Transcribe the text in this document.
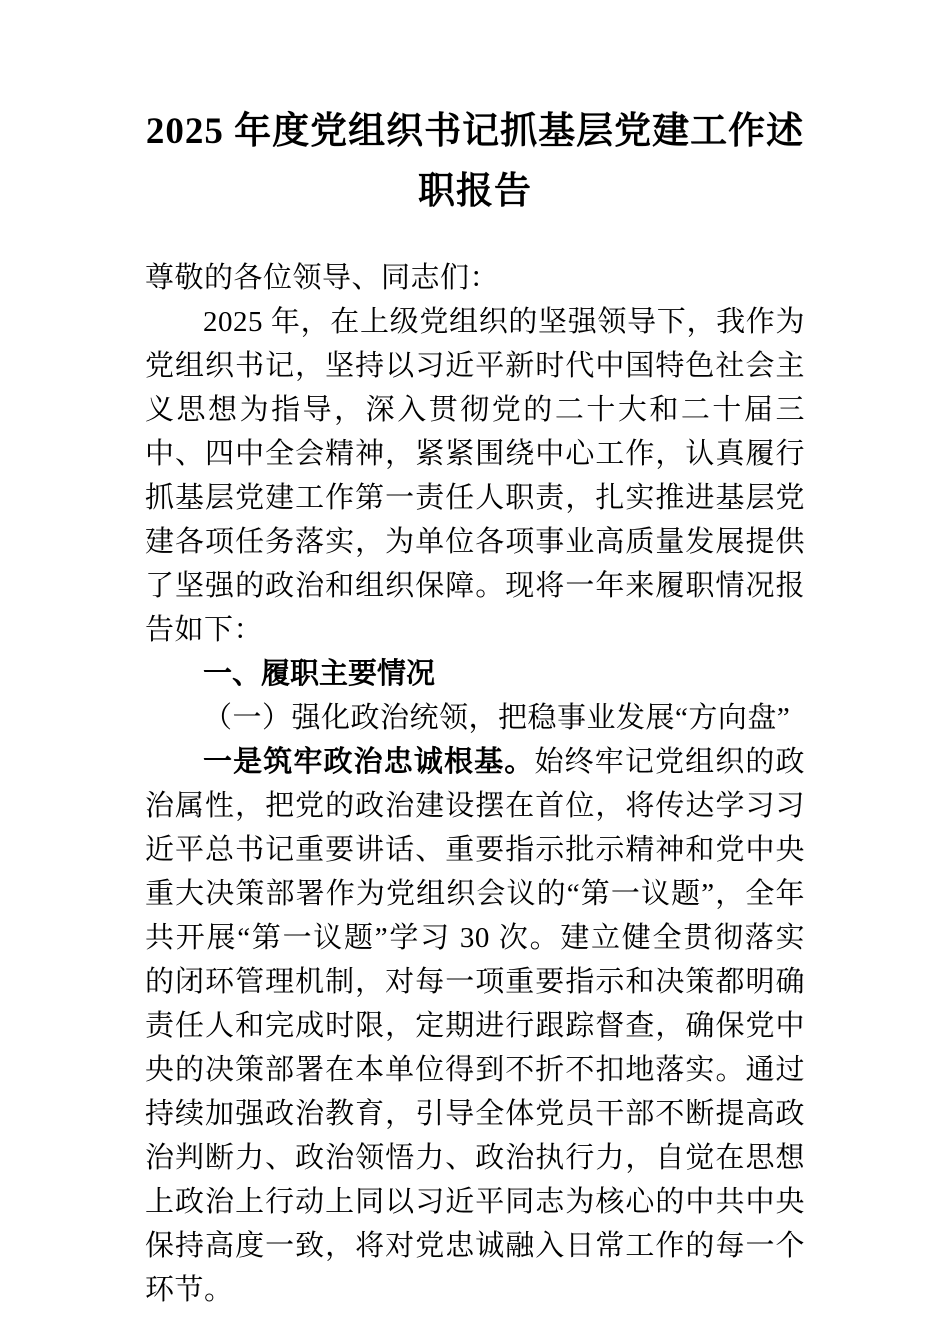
2025 年度党组织书记抓基层党建工作述职报告

尊敬的各位领导、同志们：

2025 年，在上级党组织的坚强领导下，我作为党组织书记，坚持以习近平新时代中国特色社会主义思想为指导，深入贯彻党的二十大和二十届三中、四中全会精神，紧紧围绕中心工作，认真履行抓基层党建工作第一责任人职责，扎实推进基层党建各项任务落实，为单位各项事业高质量发展提供了坚强的政治和组织保障。现将一年来履职情况报告如下：

一、履职主要情况
（一）强化政治统领，把稳事业发展“方向盘”

一是筑牢政治忠诚根基。始终牢记党组织的政治属性，把党的政治建设摆在首位，将传达学习习近平总书记重要讲话、重要指示批示精神和党中央重大决策部署作为党组织会议的“第一议题”，全年共开展“第一议题”学习 30 次。建立健全贯彻落实的闭环管理机制，对每一项重要指示和决策都明确责任人和完成时限，定期进行跟踪督查，确保党中央的决策部署在本单位得到不折不扣地落实。通过持续加强政治教育，引导全体党员干部不断提高政治判断力、政治领悟力、政治执行力，自觉在思想上政治上行动上同以习近平同志为核心的中共中央保持高度一致，将对党忠诚融入日常工作的每一个环节。
